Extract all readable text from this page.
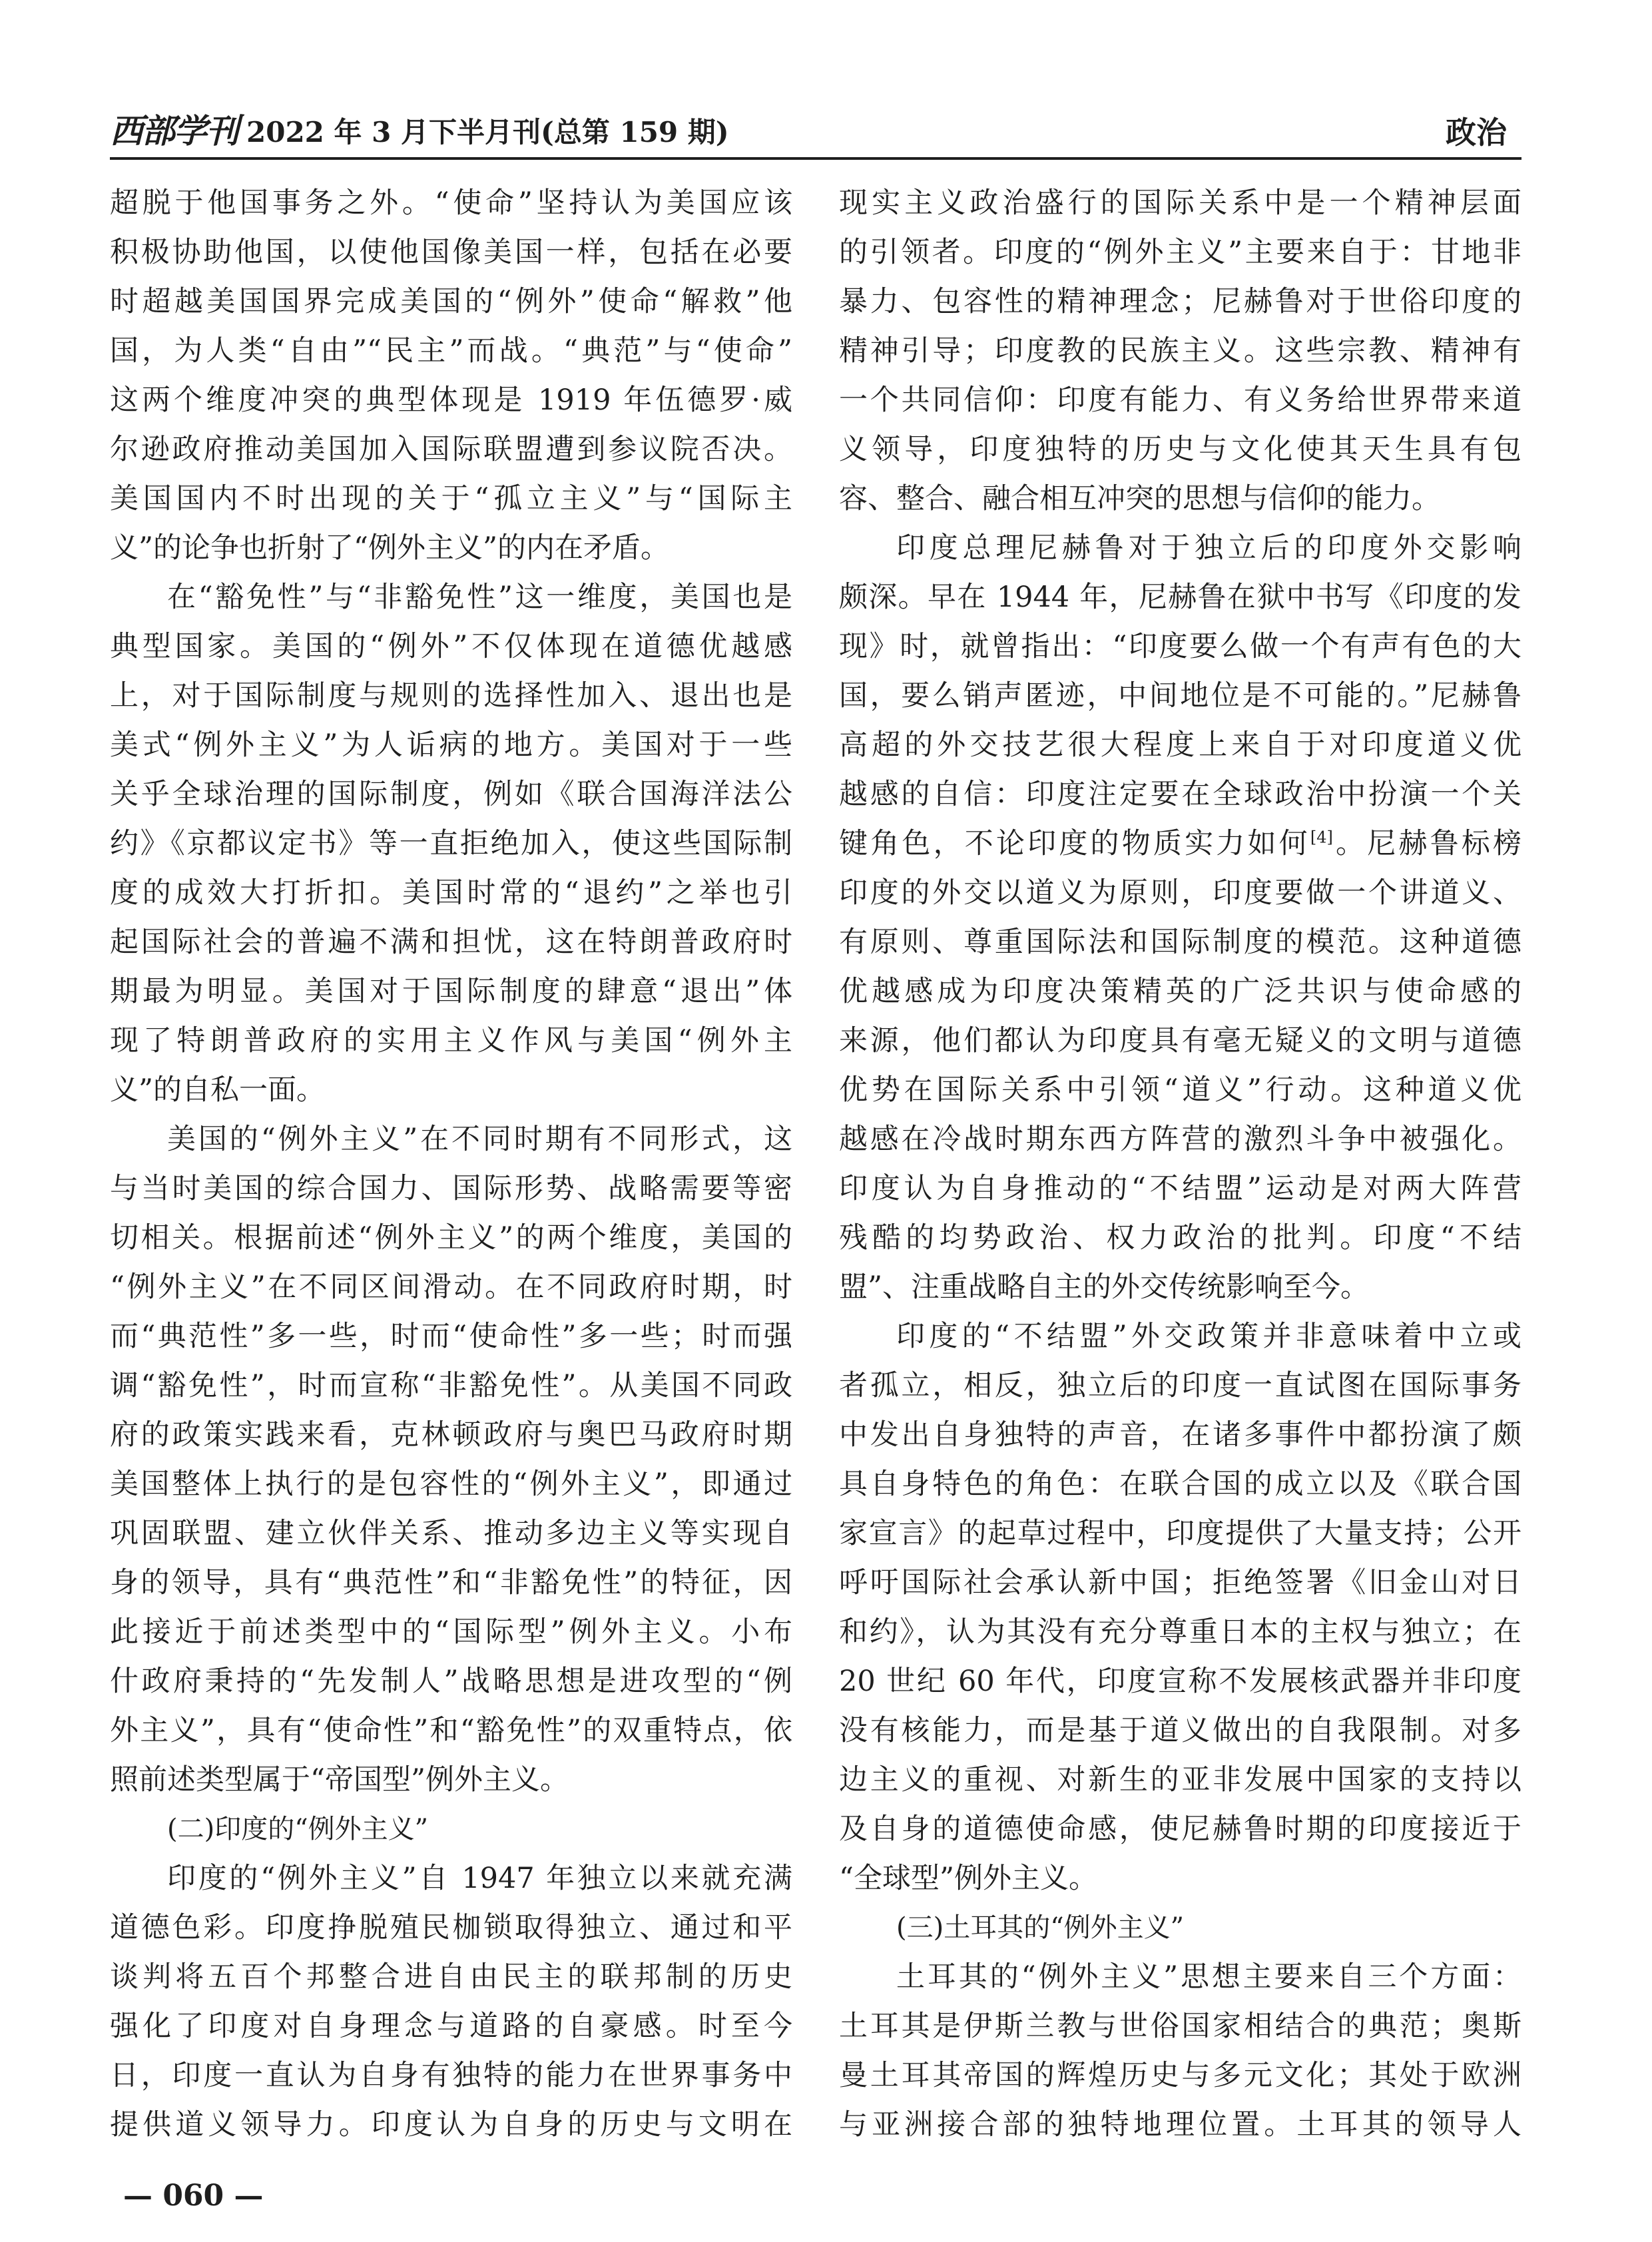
西部学刊 2022 年 3 月下半月刊(总第 159 期)	政治
超脱于他国事务之外。“使命”坚持认为美国应该
积极协助他国，以使他国像美国一样，包括在必要
时超越美国国界完成美国的“例外”使命“解救”他
国，为人类“自由”“民主”而战。“典范”与“使命”
这两个维度冲突的典型体现是 1919 年伍德罗·威
尔逊政府推动美国加入国际联盟遭到参议院否决。
美国国内不时出现的关于“孤立主义”与“国际主
义”的论争也折射了“例外主义”的内在矛盾。
在“豁免性”与“非豁免性”这一维度，美国也是
典型国家。美国的“例外”不仅体现在道德优越感
上，对于国际制度与规则的选择性加入、退出也是
美式“例外主义”为人诟病的地方。美国对于一些
关乎全球治理的国际制度，例如《联合国海洋法公
约》《京都议定书》等一直拒绝加入，使这些国际制
度的成效大打折扣。美国时常的“退约”之举也引
起国际社会的普遍不满和担忧，这在特朗普政府时
期最为明显。美国对于国际制度的肆意“退出”体
现了特朗普政府的实用主义作风与美国“例外主
义”的自私一面。
美国的“例外主义”在不同时期有不同形式，这
与当时美国的综合国力、国际形势、战略需要等密
切相关。根据前述“例外主义”的两个维度，美国的
“例外主义”在不同区间滑动。在不同政府时期，时
而“典范性”多一些，时而“使命性”多一些；时而强
调“豁免性”，时而宣称“非豁免性”。从美国不同政
府的政策实践来看，克林顿政府与奥巴马政府时期
美国整体上执行的是包容性的“例外主义”，即通过
巩固联盟、建立伙伴关系、推动多边主义等实现自
身的领导，具有“典范性”和“非豁免性”的特征，因
此接近于前述类型中的“国际型”例外主义。小布
什政府秉持的“先发制人”战略思想是进攻型的“例
外主义”，具有“使命性”和“豁免性”的双重特点，依
照前述类型属于“帝国型”例外主义。
(二)印度的“例外主义”
印度的“例外主义”自 1947 年独立以来就充满
道德色彩。印度挣脱殖民枷锁取得独立、通过和平
谈判将五百个邦整合进自由民主的联邦制的历史
强化了印度对自身理念与道路的自豪感。时至今
日，印度一直认为自身有独特的能力在世界事务中
提供道义领导力。印度认为自身的历史与文明在
现实主义政治盛行的国际关系中是一个精神层面
的引领者。印度的“例外主义”主要来自于：甘地非
暴力、包容性的精神理念；尼赫鲁对于世俗印度的
精神引导；印度教的民族主义。这些宗教、精神有
一个共同信仰：印度有能力、有义务给世界带来道
义领导，印度独特的历史与文化使其天生具有包
容、整合、融合相互冲突的思想与信仰的能力。
印度总理尼赫鲁对于独立后的印度外交影响
颇深。早在 1944 年，尼赫鲁在狱中书写《印度的发
现》时，就曾指出：“印度要么做一个有声有色的大
国，要么销声匿迹，中间地位是不可能的。”尼赫鲁
高超的外交技艺很大程度上来自于对印度道义优
越感的自信：印度注定要在全球政治中扮演一个关
键角色，不论印度的物质实力如何[4]。尼赫鲁标榜
印度的外交以道义为原则，印度要做一个讲道义、
有原则、尊重国际法和国际制度的模范。这种道德
优越感成为印度决策精英的广泛共识与使命感的
来源，他们都认为印度具有毫无疑义的文明与道德
优势在国际关系中引领“道义”行动。这种道义优
越感在冷战时期东西方阵营的激烈斗争中被强化。
印度认为自身推动的“不结盟”运动是对两大阵营
残酷的均势政治、权力政治的批判。印度“不结
盟”、注重战略自主的外交传统影响至今。
印度的“不结盟”外交政策并非意味着中立或
者孤立，相反，独立后的印度一直试图在国际事务
中发出自身独特的声音，在诸多事件中都扮演了颇
具自身特色的角色：在联合国的成立以及《联合国
家宣言》的起草过程中，印度提供了大量支持；公开
呼吁国际社会承认新中国；拒绝签署《旧金山对日
和约》，认为其没有充分尊重日本的主权与独立；在
20 世纪 60 年代，印度宣称不发展核武器并非印度
没有核能力，而是基于道义做出的自我限制。对多
边主义的重视、对新生的亚非发展中国家的支持以
及自身的道德使命感，使尼赫鲁时期的印度接近于
“全球型”例外主义。
(三)土耳其的“例外主义”
土耳其的“例外主义”思想主要来自三个方面：
土耳其是伊斯兰教与世俗国家相结合的典范；奥斯
曼土耳其帝国的辉煌历史与多元文化；其处于欧洲
与亚洲接合部的独特地理位置。土耳其的领导人
— 060 —
